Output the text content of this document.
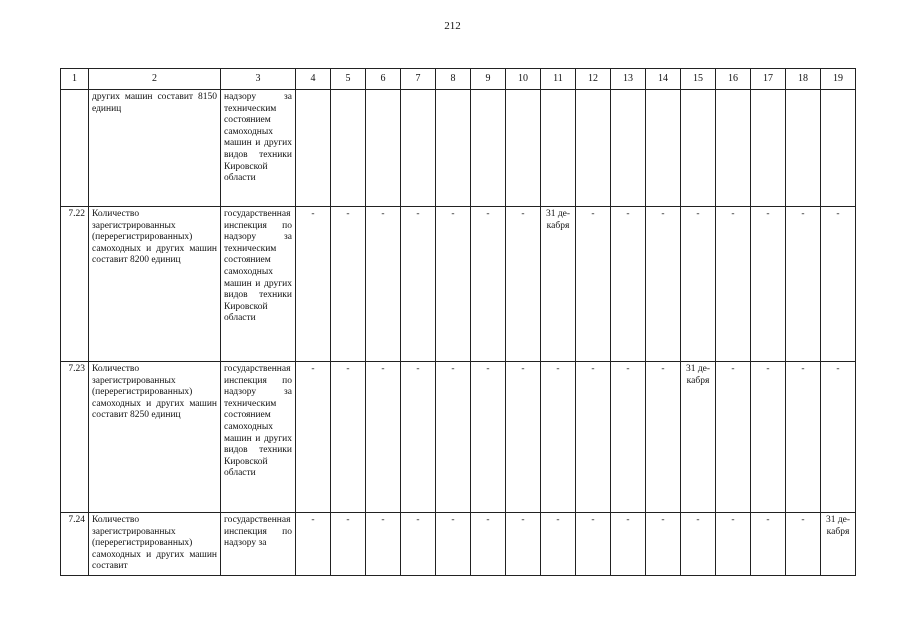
212
1	2	3	4	5	6	7	8	9	10	11	12	13	14	15	16	17	18	19
	других машин составит 8150 единиц	надзору за техническим состоянием самоходных машин и других видов техники Кировской области																
7.22	Количество зарегистрированных (перерегистрированных) самоходных и других машин составит 8200 единиц	государственная инспекция по надзору за техническим состоянием самоходных машин и других видов техники Кировской области	-	-	-	-	-	-	-	31 де-кабря	-	-	-	-	-	-	-	-
7.23	Количество зарегистрированных (перерегистрированных) самоходных и других машин составит 8250 единиц	государственная инспекция по надзору за техническим состоянием самоходных машин и других видов техники Кировской области	-	-	-	-	-	-	-	-	-	-	-	31 де-кабря	-	-	-	-
7.24	Количество зарегистрированных (перерегистрированных) самоходных и других машин составит	государственная инспекция по надзору за	-	-	-	-	-	-	-	-	-	-	-	-	-	-	-	31 де-кабря
